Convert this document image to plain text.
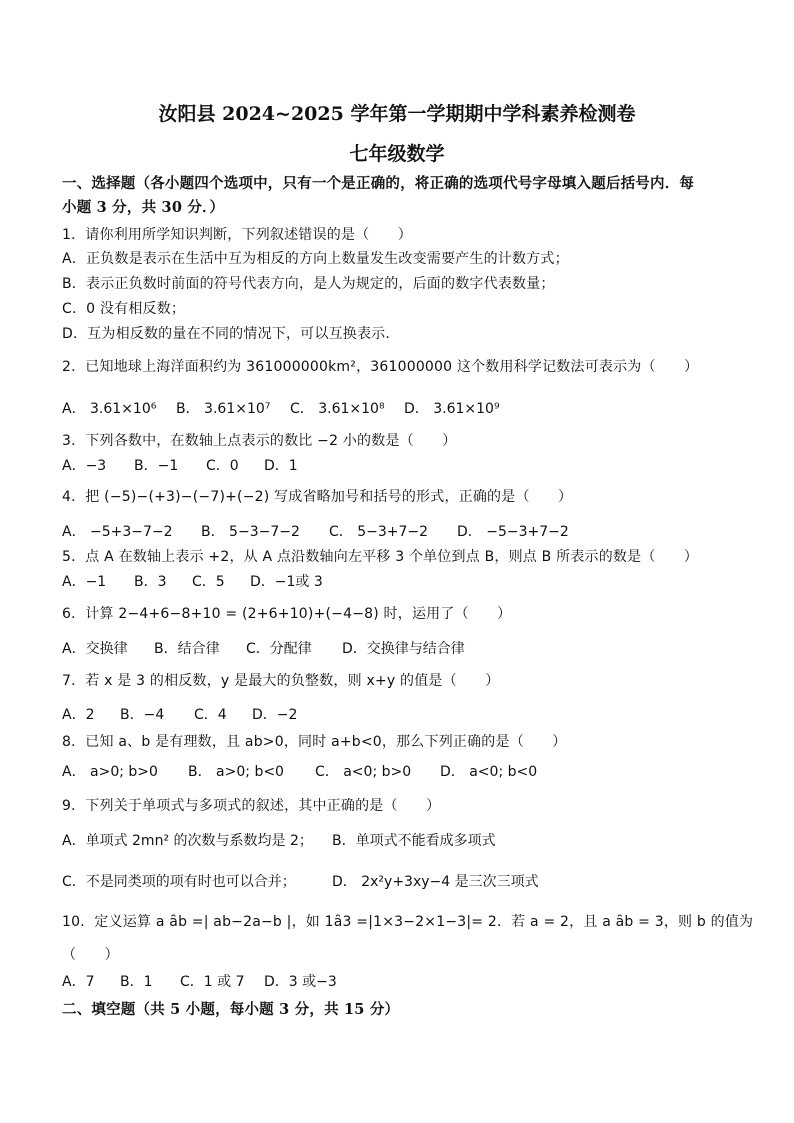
汝阳县 2024~2025 学年第一学期期中学科素养检测卷
七年级数学
一、选择题（各小题四个选项中，只有一个是正确的，将正确的选项代号字母填入题后括号内．每
小题 3 分，共 30 分．）
1．请你利用所学知识判断，下列叙述错误的是（　　）
A．正负数是表示在生活中互为相反的方向上数量发生改变需要产生的计数方式；
B．表示正负数时前面的符号代表方向，是人为规定的，后面的数字代表数量；
C．0 没有相反数；
D．互为相反数的量在不同的情况下，可以互换表示．
2．已知地球上海洋面积约为 361000000km²，361000000 这个数用科学记数法可表示为（　　）
A． 3.61×10⁶ B． 3.61×10⁷ C． 3.61×10⁸ D． 3.61×10⁹
3．下列各数中，在数轴上点表示的数比 −2 小的数是（　　）
A．−3 B．−1 C．0 D．1
4．把 (−5)−(+3)−(−7)+(−2) 写成省略加号和括号的形式，正确的是（　　）
A． −5+3−7−2 B． 5−3−7−2 C． 5−3+7−2 D． −5−3+7−2
5．点 A 在数轴上表示 +2，从 A 点沿数轴向左平移 3 个单位到点 B，则点 B 所表示的数是（　　）
A．−1 B．3 C．5 D．−1或 3
6．计算 2−4+6−8+10 = (2+6+10)+(−4−8) 时，运用了（　　）
A．交换律 B．结合律 C．分配律 D．交换律与结合律
7．若 x 是 3 的相反数，y 是最大的负整数，则 x+y 的值是（　　）
A．2 B．−4 C．4 D．−2
8．已知 a、b 是有理数，且 ab>0，同时 a+b<0，那么下列正确的是（　　）
A． a>0; b>0 B． a>0; b<0 C． a<0; b>0 D． a<0; b<0
9．下列关于单项式与多项式的叙述，其中正确的是（　　）
A．单项式 2mn² 的次数与系数均是 2； B．单项式不能看成多项式
C．不是同类项的项有时也可以合并；	D． 2x²y+3xy−4 是三次三项式
10．定义运算 a ȃb =| ab−2a−b |，如 1ȃ3 =|1×3−2×1−3|= 2．若 a = 2，且 a ȃb = 3，则 b 的值为
（　　）
A．7 B．1 C．1 或 7 D．3 或−3
二、填空题（共 5 小题，每小题 3 分，共 15 分）
